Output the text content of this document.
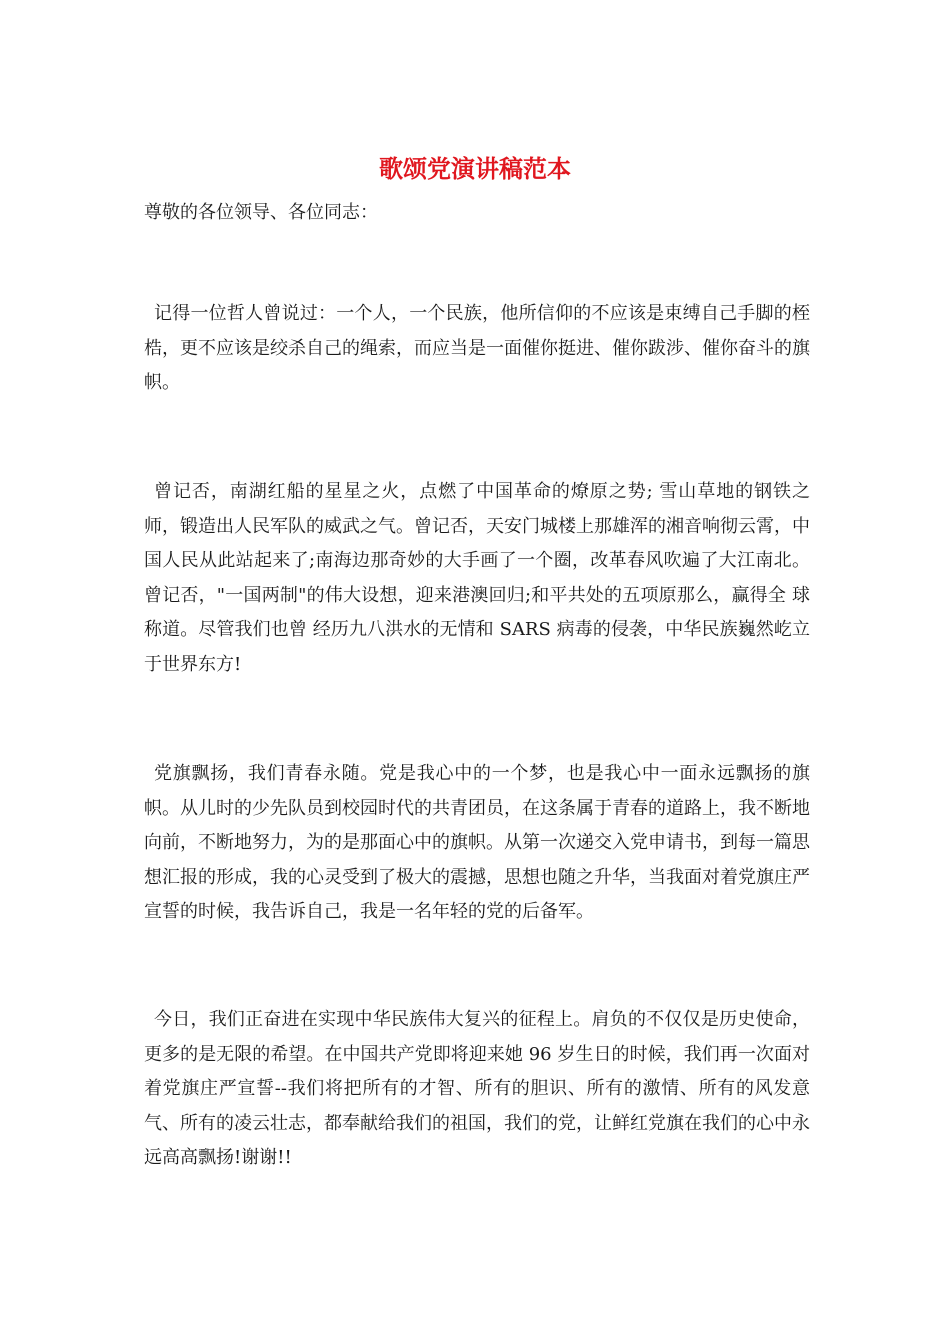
歌颂党演讲稿范本
尊敬的各位领导、各位同志：
记得一位哲人曾说过：一个人，一个民族，他所信仰的不应该是束缚自己手脚的桎梏，更不应该是绞杀自己的绳索，而应当是一面催你挺进、催你跋涉、催你奋斗的旗帜。
曾记否，南湖红船的星星之火，点燃了中国革命的燎原之势; 雪山草地的钢铁之师，锻造出人民军队的威武之气。曾记否，天安门城楼上那雄浑的湘音响彻云霄，中国人民从此站起来了;南海边那奇妙的大手画了一个圈，改革春风吹遍了大江南北。曾记否，"一国两制"的伟大设想，迎来港澳回归;和平共处的五项原那么，赢得全 球称道。尽管我们也曾 经历九八洪水的无情和 SARS 病毒的侵袭，中华民族巍然屹立于世界东方!
党旗飘扬，我们青春永随。党是我心中的一个梦，也是我心中一面永远飘扬的旗帜。从儿时的少先队员到校园时代的共青团员，在这条属于青春的道路上，我不断地向前，不断地努力，为的是那面心中的旗帜。从第一次递交入党申请书，到每一篇思想汇报的形成，我的心灵受到了极大的震撼，思想也随之升华，当我面对着党旗庄严宣誓的时候，我告诉自己，我是一名年轻的党的后备军。
今日，我们正奋进在实现中华民族伟大复兴的征程上。肩负的不仅仅是历史使命，更多的是无限的希望。在中国共产党即将迎来她 96 岁生日的时候，我们再一次面对着党旗庄严宣誓--我们将把所有的才智、所有的胆识、所有的激情、所有的风发意气、所有的凌云壮志，都奉献给我们的祖国，我们的党，让鲜红党旗在我们的心中永远高高飘扬!谢谢!!
